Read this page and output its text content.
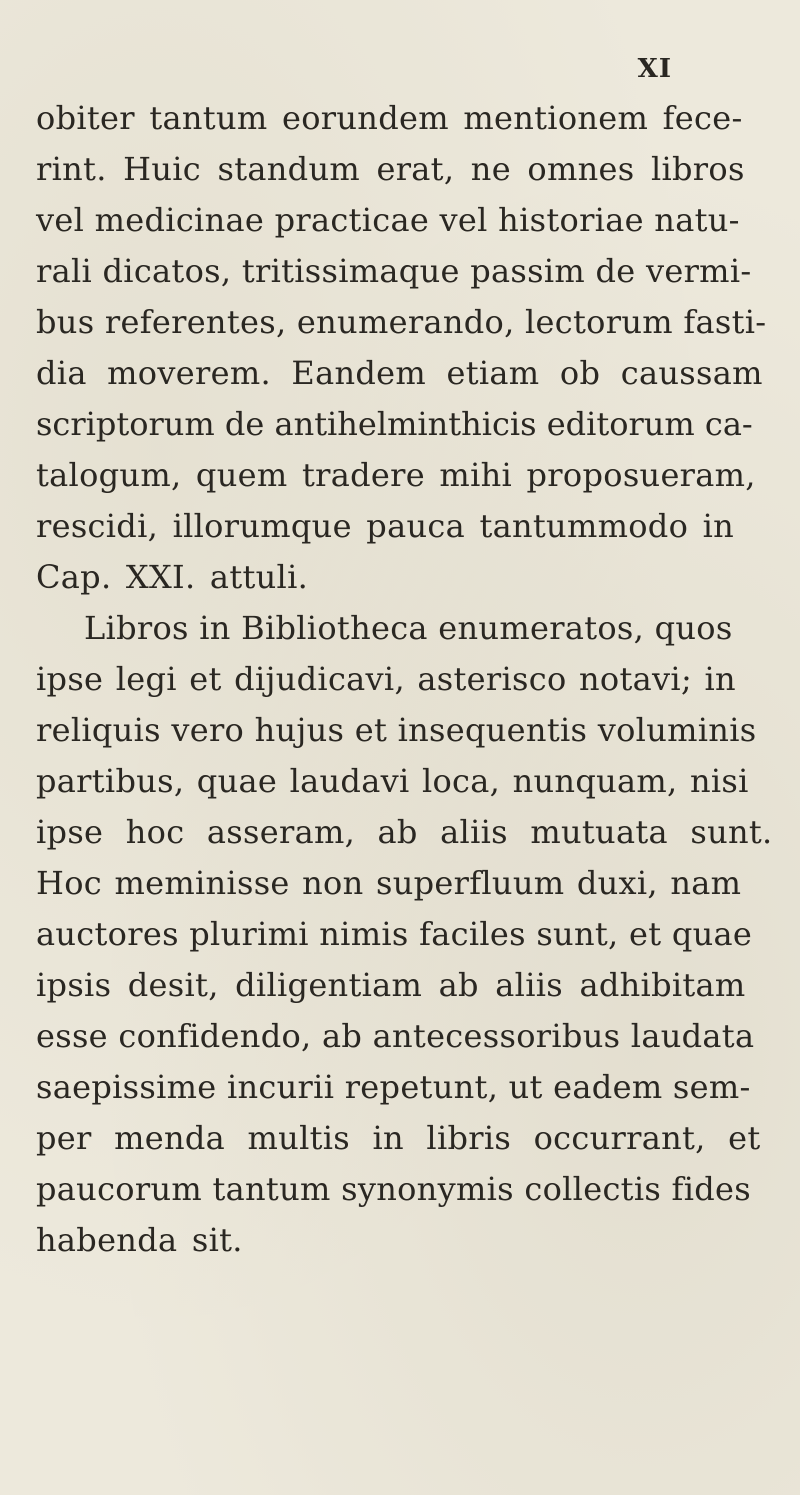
XI
obiter tantum eorundem mentionem fece-
rint. Huic standum erat, ne omnes libros
vel medicinae practicae vel historiae natu-
rali dicatos, tritissimaque passim de vermi-
bus referentes, enumerando, lectorum fasti-
dia moverem. Eandem etiam ob caussam
scriptorum de antihelminthicis editorum ca-
talogum, quem tradere mihi proposueram,
rescidi, illorumque pauca tantummodo in
Cap. XXI. attuli.
Libros in Bibliotheca enumeratos, quos
ipse legi et dijudicavi, asterisco notavi; in
reliquis vero hujus et insequentis voluminis
partibus, quae laudavi loca, nunquam, nisi
ipse hoc asseram, ab aliis mutuata sunt.
Hoc meminisse non superfluum duxi, nam
auctores plurimi nimis faciles sunt, et quae
ipsis desit, diligentiam ab aliis adhibitam
esse confidendo, ab antecessoribus laudata
saepissime incurii repetunt, ut eadem sem-
per menda multis in libris occurrant, et
paucorum tantum synonymis collectis fides
habenda sit.
